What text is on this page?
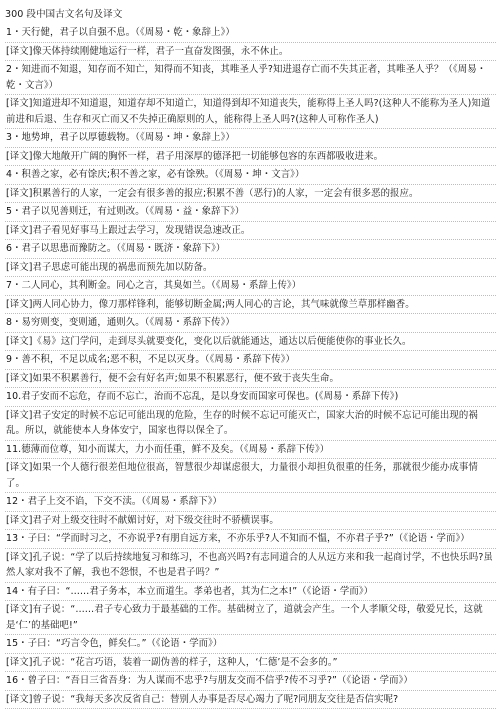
300 段中国古文名句及译文
1・天行健，君子以自强不息。（《周易・乾・象辞上》）
[译文]像天体持续刚健地运行一样，君子一直奋发图强，永不休止。
2・知进而不知退，知存而不知亡，知得而不知丧，其唯圣人乎?知进退存亡而不失其正者，其唯圣人乎？（《周易・乾・文言》）
[译文]知道进却不知道退，知道存却不知道亡，知道得到却不知道丧失，能称得上圣人吗?(这种人不能称为圣人)知道前进和后退、生存和灭亡而又不失掉正确原则的人，能称得上圣人吗?(这种人可称作圣人)
3・地势坤，君子以厚德载物。（《周易・坤・象辞上》）
[译文]像大地敞开广阔的胸怀一样，君子用深厚的德泽把一切能够包容的东西都吸收进来。
4・积善之家，必有馀庆;积不善之家，必有馀殃。（《周易・坤・文言》）
[译文]积累善行的人家，一定会有很多善的报应;积累不善（恶行)的人家，一定会有很多恶的报应。
5・君子以见善则迁，有过则改。（《周易・益・象辞下》）
[译文]君子看见好事马上跟过去学习，发现错误急速改正。
6・君子以思患而豫防之。（《周易・既济・象辞下》）
[译文]君子思虑可能出现的祸患而预先加以防备。
7・二人同心，其利断金。同心之言，其臭如兰。（《周易・系辞上传》）
[译文]两人同心协力，像刀那样锋利，能够切断金属;两人同心的言论，其气味就像兰草那样幽香。
8・易穷则变，变则通，通则久。（《周易・系辞下传》）
[译文]《易》这门学问，走到尽头就要变化，变化以后就能通达，通达以后便能使你的事业长久。
9・善不积，不足以成名;恶不积，不足以灭身。（《周易・系辞下传》）
[译文]如果不积累善行，便不会有好名声;如果不积累恶行，便不致于丧失生命。
10.君子安而不忘危，存而不忘亡，治而不忘乱，是以身安而国家可保也。(《周易・系辞下传》)
[译文]君子安定的时候不忘记可能出现的危险，生存的时候不忘记可能灭亡，国家大治的时候不忘记可能出现的祸乱。所以，就能使本人身体安宁，国家也得以保全了。
11.德薄而位尊，知小而谋大，力小而任重，鲜不及矣。（《周易・系辞下传》）
[译文]如果一个人德行很差但地位很高，智慧很少却谋虑很大，力量很小却担负很重的任务，那就很少能办成事情了。
12・君子上交不谄，下交不渎。（《周易・系辞下》）
[译文]君子对上级交往时不献媚讨好，对下级交往时不骄横误事。
13・子曰：“学而时习之，不亦说乎?有朋自远方来，不亦乐乎?人不知而不愠，不亦君子乎?”（《论语・学而》）
[译文]孔子说：“学了以后持续地复习和练习，不也高兴吗?有志同道合的人从远方来和我一起商讨学，不也快乐吗?虽然人家对我不了解，我也不怨恨，不也是君子吗？”
14・有子曰：“……君子务本，本立而道生。孝弟也者，其为仁之本!”（《论语・学而》）
[译文]有子说：“……君子专心致力于最基础的工作。基础树立了，道就会产生。一个人孝顺父母，敬爱兄长，这就是‘仁’的基础吧!”
15・子曰：“巧言令色，鲜矣仁。”（《论语・学而》）
[译文]孔子说：“花言巧语，装着一副伪善的样子，这种人，‘仁德’是不会多的。”
16・曾子曰：“吾日三省吾身：为人谋而不忠乎?与朋友交而不信乎?传不习乎?”（《论语・学而》）
[译文]曾子说：“我每天多次反省自己：替别人办事是否尽心竭力了呢?同朋友交往是否信实呢?
